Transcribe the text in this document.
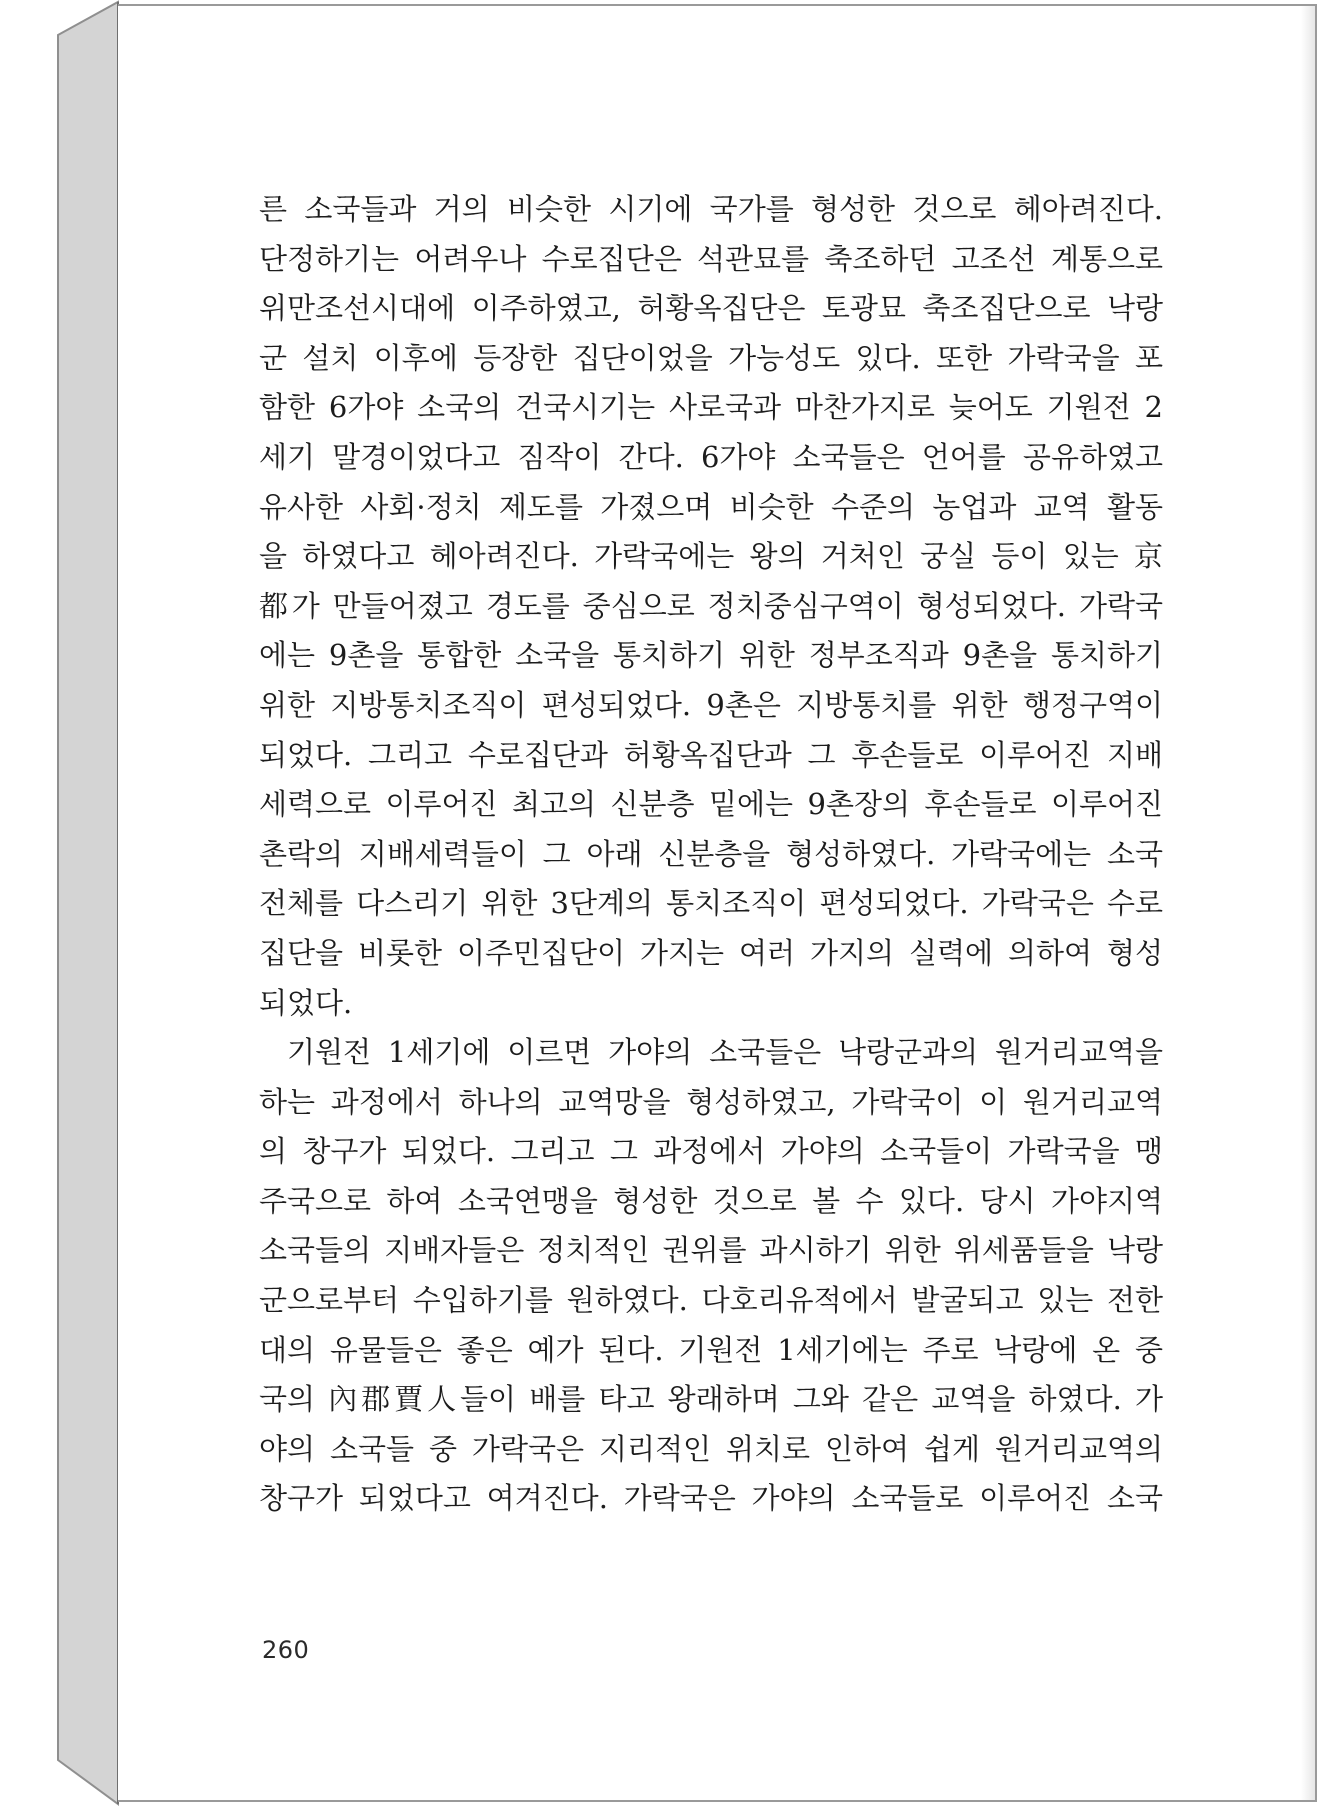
른 소국들과 거의 비슷한 시기에 국가를 형성한 것으로 헤아려진다.
단정하기는 어려우나 수로집단은 석관묘를 축조하던 고조선 계통으로
위만조선시대에 이주하였고, 허황옥집단은 토광묘 축조집단으로 낙랑
군 설치 이후에 등장한 집단이었을 가능성도 있다. 또한 가락국을 포
함한 6가야 소국의 건국시기는 사로국과 마찬가지로 늦어도 기원전 2
세기 말경이었다고 짐작이 간다. 6가야 소국들은 언어를 공유하였고
유사한 사회·정치 제도를 가졌으며 비슷한 수준의 농업과 교역 활동
을 하였다고 헤아려진다. 가락국에는 왕의 거처인 궁실 등이 있는 京
都가 만들어졌고 경도를 중심으로 정치중심구역이 형성되었다. 가락국
에는 9촌을 통합한 소국을 통치하기 위한 정부조직과 9촌을 통치하기
위한 지방통치조직이 편성되었다. 9촌은 지방통치를 위한 행정구역이
되었다. 그리고 수로집단과 허황옥집단과 그 후손들로 이루어진 지배
세력으로 이루어진 최고의 신분층 밑에는 9촌장의 후손들로 이루어진
촌락의 지배세력들이 그 아래 신분층을 형성하였다. 가락국에는 소국
전체를 다스리기 위한 3단계의 통치조직이 편성되었다. 가락국은 수로
집단을 비롯한 이주민집단이 가지는 여러 가지의 실력에 의하여 형성
되었다.
기원전 1세기에 이르면 가야의 소국들은 낙랑군과의 원거리교역을
하는 과정에서 하나의 교역망을 형성하였고, 가락국이 이 원거리교역
의 창구가 되었다. 그리고 그 과정에서 가야의 소국들이 가락국을 맹
주국으로 하여 소국연맹을 형성한 것으로 볼 수 있다. 당시 가야지역
소국들의 지배자들은 정치적인 권위를 과시하기 위한 위세품들을 낙랑
군으로부터 수입하기를 원하였다. 다호리유적에서 발굴되고 있는 전한
대의 유물들은 좋은 예가 된다. 기원전 1세기에는 주로 낙랑에 온 중
국의 內郡賈人들이 배를 타고 왕래하며 그와 같은 교역을 하였다. 가
야의 소국들 중 가락국은 지리적인 위치로 인하여 쉽게 원거리교역의
창구가 되었다고 여겨진다. 가락국은 가야의 소국들로 이루어진 소국
260
